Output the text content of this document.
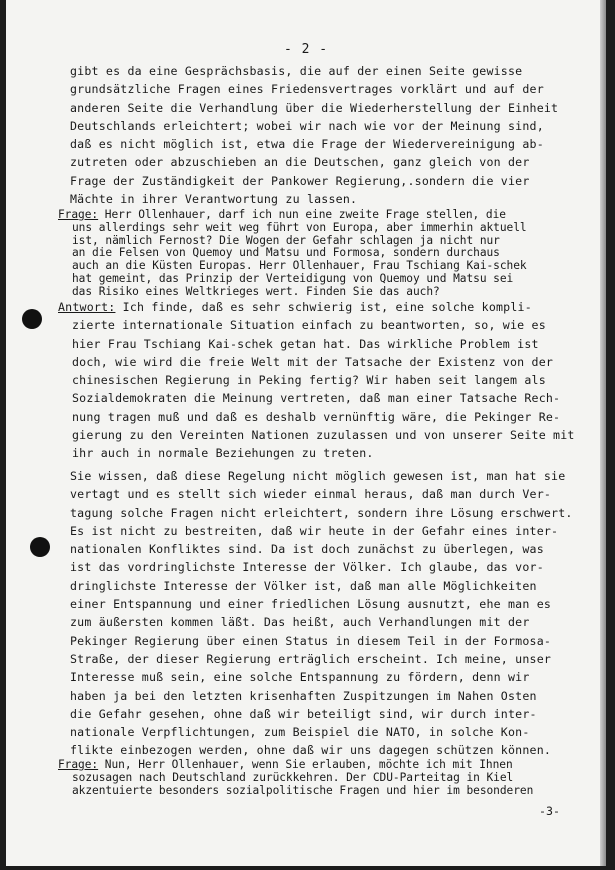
- 2 -
gibt es da eine Gesprächsbasis, die auf der einen Seite gewisse
grundsätzliche Fragen eines Friedensvertrages vorklärt und auf der
anderen Seite die Verhandlung über die Wiederherstellung der Einheit
Deutschlands erleichtert; wobei wir nach wie vor der Meinung sind,
daß es nicht möglich ist, etwa die Frage der Wiedervereinigung ab-
zutreten oder abzuschieben an die Deutschen, ganz gleich von der
Frage der Zuständigkeit der Pankower Regierung,.sondern die vier
Mächte in ihrer Verantwortung zu lassen.
Frage: Herr Ollenhauer, darf ich nun eine zweite Frage stellen, die
uns allerdings sehr weit weg führt von Europa, aber immerhin aktuell
ist, nämlich Fernost? Die Wogen der Gefahr schlagen ja nicht nur
an die Felsen von Quemoy und Matsu und Formosa, sondern durchaus
auch an die Küsten Europas. Herr Ollenhauer, Frau Tschiang Kai-schek
hat gemeint, das Prinzip der Verteidigung von Quemoy und Matsu sei
das Risiko eines Weltkrieges wert. Finden Sie das auch?
Antwort: Ich finde, daß es sehr schwierig ist, eine solche kompli-
zierte internationale Situation einfach zu beantworten, so, wie es
hier Frau Tschiang Kai-schek getan hat. Das wirkliche Problem ist
doch, wie wird die freie Welt mit der Tatsache der Existenz von der
chinesischen Regierung in Peking fertig? Wir haben seit langem als
Sozialdemokraten die Meinung vertreten, daß man einer Tatsache Rech-
nung tragen muß und daß es deshalb vernünftig wäre, die Pekinger Re-
gierung zu den Vereinten Nationen zuzulassen und von unserer Seite mit
ihr auch in normale Beziehungen zu treten.
Sie wissen, daß diese Regelung nicht möglich gewesen ist, man hat sie
vertagt und es stellt sich wieder einmal heraus, daß man durch Ver-
tagung solche Fragen nicht erleichtert, sondern ihre Lösung erschwert.
Es ist nicht zu bestreiten, daß wir heute in der Gefahr eines inter-
nationalen Konfliktes sind. Da ist doch zunächst zu überlegen, was
ist das vordringlichste Interesse der Völker. Ich glaube, das vor-
dringlichste Interesse der Völker ist, daß man alle Möglichkeiten
einer Entspannung und einer friedlichen Lösung ausnutzt, ehe man es
zum äußersten kommen läßt. Das heißt, auch Verhandlungen mit der
Pekinger Regierung über einen Status in diesem Teil in der Formosa-
Straße, der dieser Regierung erträglich erscheint. Ich meine, unser
Interesse muß sein, eine solche Entspannung zu fördern, denn wir
haben ja bei den letzten krisenhaften Zuspitzungen im Nahen Osten
die Gefahr gesehen, ohne daß wir beteiligt sind, wir durch inter-
nationale Verpflichtungen, zum Beispiel die NATO, in solche Kon-
flikte einbezogen werden, ohne daß wir uns dagegen schützen können.
Frage: Nun, Herr Ollenhauer, wenn Sie erlauben, möchte ich mit Ihnen
sozusagen nach Deutschland zurückkehren. Der CDU-Parteitag in Kiel
akzentuierte besonders sozialpolitische Fragen und hier im besonderen
-3-
